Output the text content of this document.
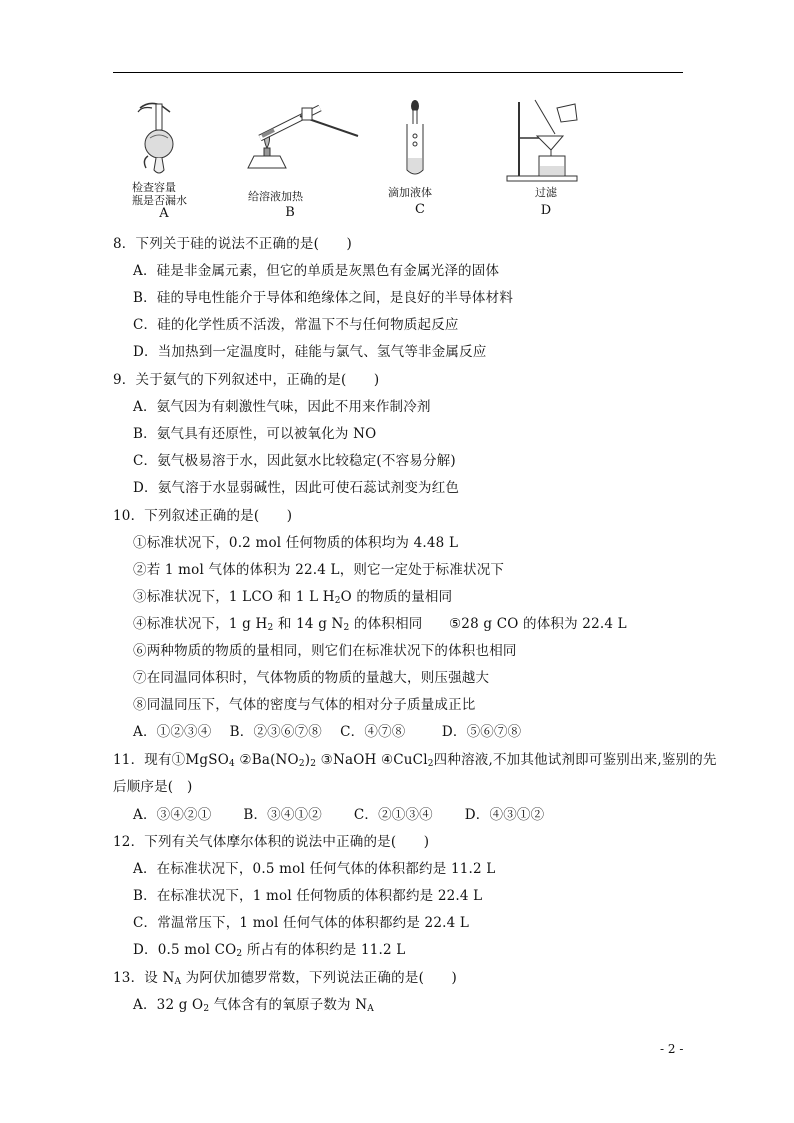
检查容量
瓶是否漏水
A
给溶液加热
B
滴加液体
C
过滤
D
8．下列关于硅的说法不正确的是(　　)
A．硅是非金属元素，但它的单质是灰黑色有金属光泽的固体
B．硅的导电性能介于导体和绝缘体之间，是良好的半导体材料
C．硅的化学性质不活泼，常温下不与任何物质起反应
D．当加热到一定温度时，硅能与氯气、氢气等非金属反应
9．关于氨气的下列叙述中，正确的是(　　)
A．氨气因为有刺激性气味，因此不用来作制冷剂
B．氨气具有还原性，可以被氧化为 NO
C．氨气极易溶于水，因此氨水比较稳定(不容易分解)
D．氨气溶于水显弱碱性，因此可使石蕊试剂变为红色
10．下列叙述正确的是(　　)
①标准状况下，0.2 mol 任何物质的体积均为 4.48 L
②若 1 mol 气体的体积为 22.4 L，则它一定处于标准状况下
③标准状况下，1 LCO 和 1 L $H_2O$ 的物质的量相同
④标准状况下，1 g $H_2$ 和 14 g $N_2$ 的体积相同 ⑤28 g CO 的体积为 22.4 L
⑥两种物质的物质的量相同，则它们在标准状况下的体积也相同
⑦在同温同体积时，气体物质的物质的量越大，则压强越大
⑧同温同压下，气体的密度与气体的相对分子质量成正比
A．①②③④　 B．②③⑥⑦⑧　 C．④⑦⑧　 　 D．⑤⑥⑦⑧
11．现有①MgSO$_4$ $②Ba(NO_2)_2$ ③NaOH ④CuCl$_2$四种溶液,不加其他试剂即可鉴别出来,鉴别的先
后顺序是(　)
A．③④②①　　 B．③④①②　　 C．②①③④　　 D．④③①②
12．下列有关气体摩尔体积的说法中正确的是(　　)
A．在标准状况下，0.5 mol 任何气体的体积都约是 11.2 L
B．在标准状况下，1 mol 任何物质的体积都约是 22.4 L
C．常温常压下，1 mol 任何气体的体积都约是 22.4 L
D．0.5 mol $CO_2$ 所占有的体积约是 11.2 L
13．设 $N_A$ 为阿伏加德罗常数，下列说法正确的是(　　)
A．32 g $O_2$ 气体含有的氧原子数为 $N_A$
- 2 -
